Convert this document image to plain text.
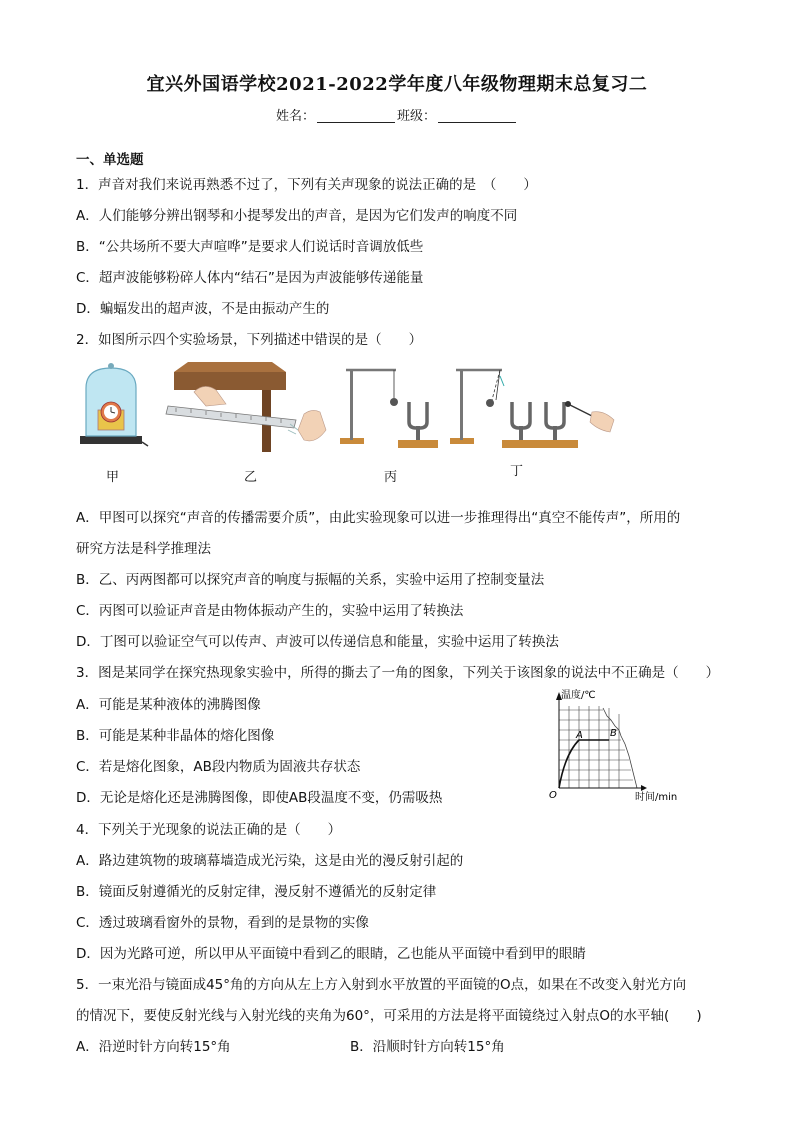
宜兴外国语学校2021-2022学年度八年级物理期末总复习二
姓名：	班级：
一、单选题
1．声音对我们来说再熟悉不过了，下列有关声现象的说法正确的是　（　　）
A．人们能够分辨出钢琴和小提琴发出的声音，是因为它们发声的响度不同
B．“公共场所不要大声喧哗”是要求人们说话时音调放低些
C．超声波能够粉碎人体内“结石”是因为声波能够传递能量
D．蝙蝠发出的超声波，不是由振动产生的
2．如图所示四个实验场景，下列描述中错误的是（　　）
甲	乙	丙	丁
A．甲图可以探究“声音的传播需要介质”，由此实验现象可以进一步推理得出“真空不能传声”，所用的
研究方法是科学推理法
B．乙、丙两图都可以探究声音的响度与振幅的关系，实验中运用了控制变量法
C．丙图可以验证声音是由物体振动产生的，实验中运用了转换法
D．丁图可以验证空气可以传声、声波可以传递信息和能量，实验中运用了转换法
3．图是某同学在探究热现象实验中，所得的撕去了一角的图象，下列关于该图象的说法中不正确是（　　）
A．可能是某种液体的沸腾图像
B．可能是某种非晶体的熔化图像
C．若是熔化图象，AB段内物质为固液共存状态
D．无论是熔化还是沸腾图像，即使AB段温度不变，仍需吸热
温度/℃
时间/min
O
A	B
4．下列关于光现象的说法正确的是（　　）
A．路边建筑物的玻璃幕墙造成光污染，这是由光的漫反射引起的
B．镜面反射遵循光的反射定律，漫反射不遵循光的反射定律
C．透过玻璃看窗外的景物，看到的是景物的实像
D．因为光路可逆，所以甲从平面镜中看到乙的眼睛，乙也能从平面镜中看到甲的眼睛
5．一束光沿与镜面成45°角的方向从左上方入射到水平放置的平面镜的O点，如果在不改变入射光方向
的情况下，要使反射光线与入射光线的夹角为60°，可采用的方法是将平面镜绕过入射点O的水平轴(　　)
A．沿逆时针方向转15°角	B．沿顺时针方向转15°角
